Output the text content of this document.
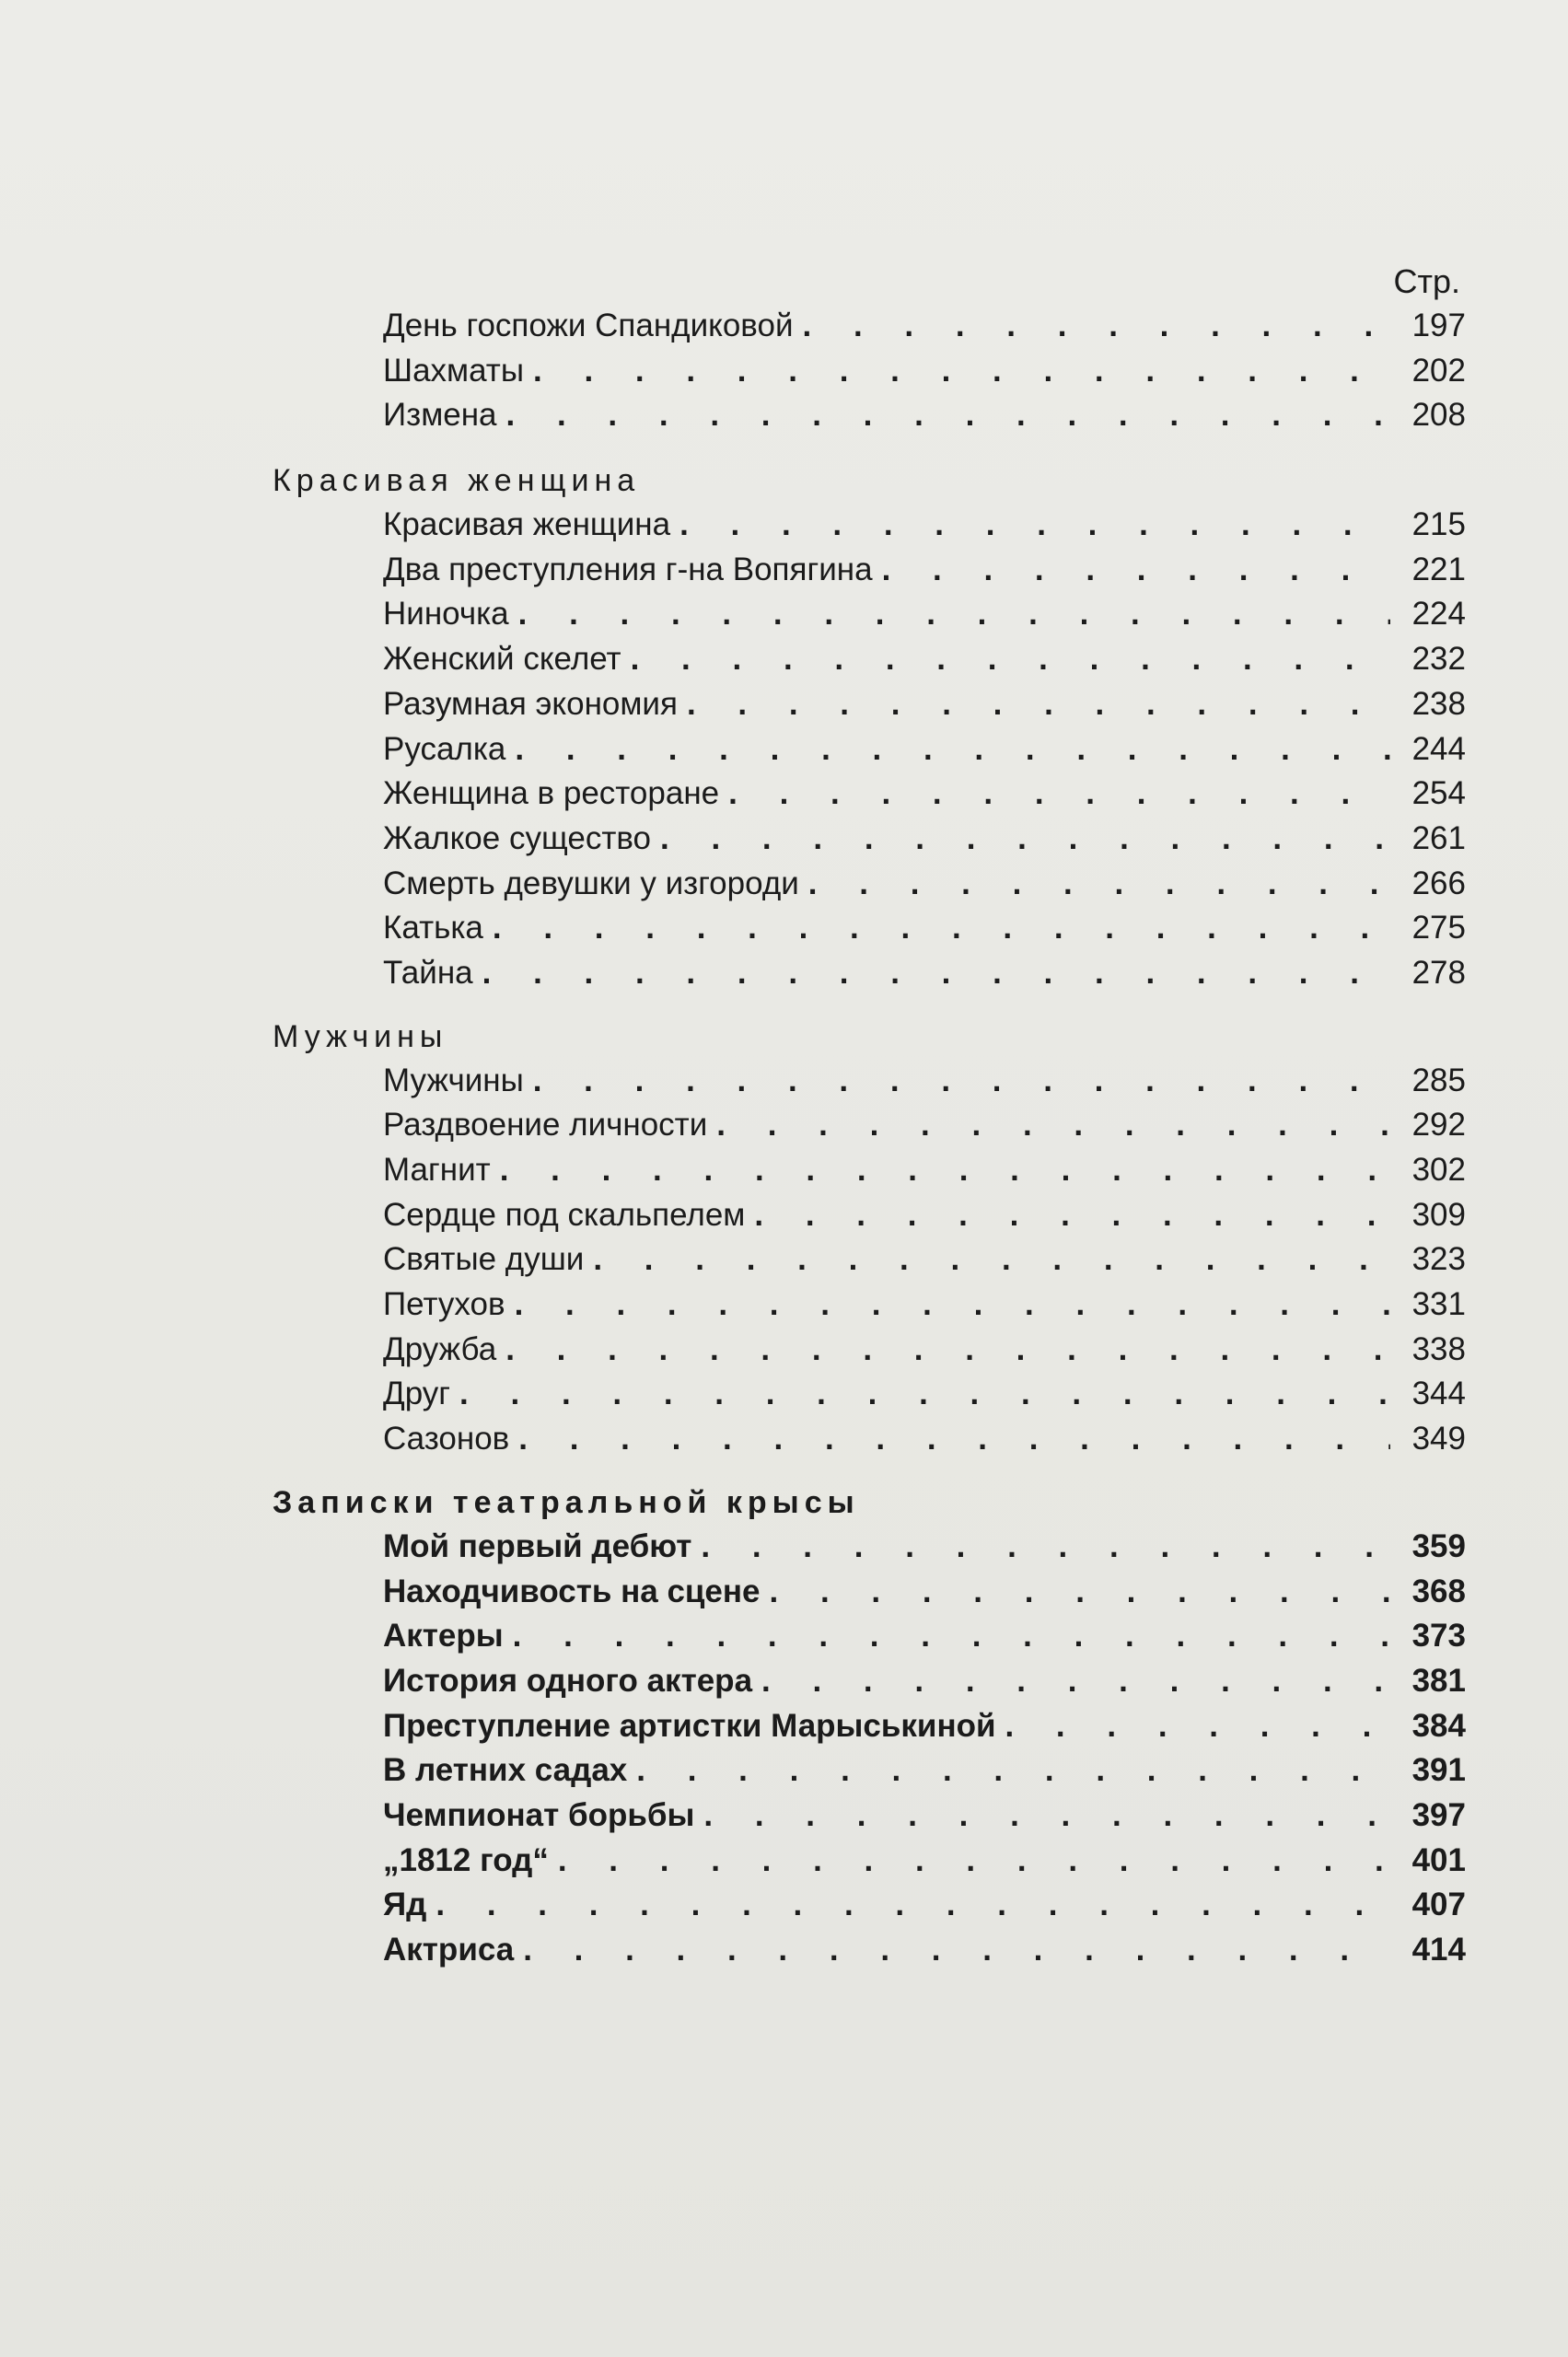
Стр.
День госпожи Спандиковой . . .	197
Шахматы . . .	202
Измена . . .	208
Красивая женщина
Красивая женщина . . .	215
Два преступления г-на Вопягина . . .	221
Ниночка . . .	224
Женский скелет . . .	232
Разумная экономия . . .	238
Русалка . . .	244
Женщина в ресторане . . .	254
Жалкое существо . . .	261
Смерть девушки у изгороди . . .	266
Катька . . .	275
Тайна . . .	278
Мужчины
Мужчины . . .	285
Раздвоение личности . . .	292
Магнит . . .	302
Сердце под скальпелем . . .	309
Святые души . . .	323
Петухов . . .	331
Дружба . . .	338
Друг . . .	344
Сазонов . . .	349
Записки театральной крысы
Мой первый дебют . . .	359
Находчивость на сцене . . .	368
Актеры . . .	373
История одного актера . . .	381
Преступление артистки Марыськиной . . .	384
В летних садах . . .	391
Чемпионат борьбы . . .	397
„1812 год“ . . .	401
Яд . . .	407
Актриса . . .	414
